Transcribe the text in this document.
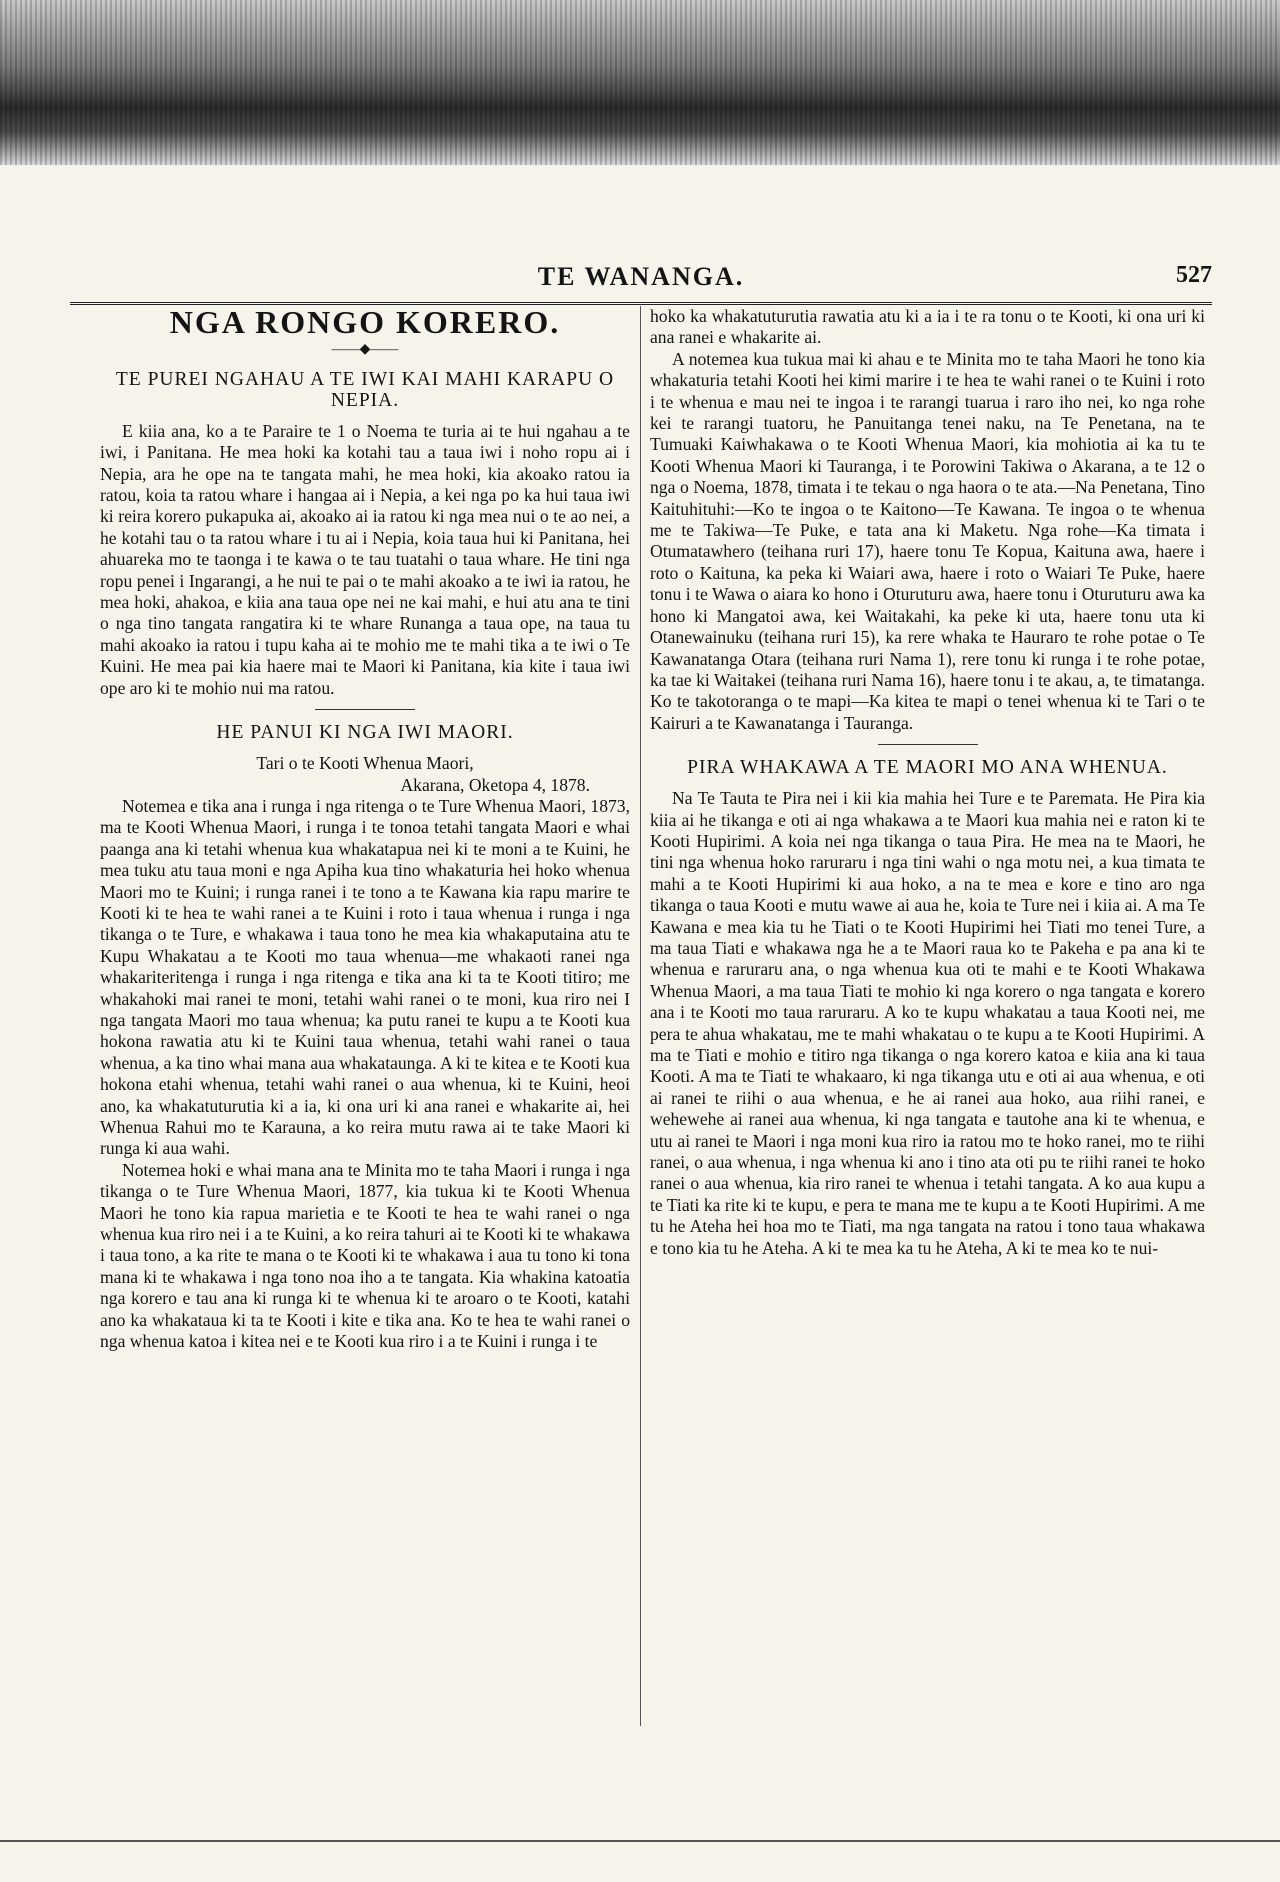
TE WANANGA.	527
NGA RONGO KORERO.
——◆——
TE PUREI NGAHAU A TE IWI KAI MAHI KARAPU O NEPIA.

E kiia ana, ko a te Paraire te 1 o Noema te turia ai te hui ngahau a te iwi, i Panitana. He mea hoki ka kotahi tau a taua iwi i noho ropu ai i Nepia, ara he ope na te tangata mahi, he mea hoki, kia akoako ratou ia ratou, koia ta ratou whare i hangaa ai i Nepia, a kei nga po ka hui taua iwi ki reira korero pukapuka ai, akoako ai ia ratou ki nga mea nui o te ao nei, a he kotahi tau o ta ratou whare i tu ai i Nepia, koia taua hui ki Panitana, hei ahuareka mo te taonga i te kawa o te tau tuatahi o taua whare. He tini nga ropu penei i Ingarangi, a he nui te pai o te mahi akoako a te iwi ia ratou, he mea hoki, ahakoa, e kiia ana taua ope nei ne kai mahi, e hui atu ana te tini o nga tino tangata rangatira ki te whare Runanga a taua ope, na taua tu mahi akoako ia ratou i tupu kaha ai te mohio me te mahi tika a te iwi o Te Kuini. He mea pai kia haere mai te Maori ki Panitana, kia kite i taua iwi ope aro ki te mohio nui ma ratou.

HE PANUI KI NGA IWI MAORI.
Tari o te Kooti Whenua Maori,
Akarana, Oketopa 4, 1878.

Notemea e tika ana i runga i nga ritenga o te Ture Whenua Maori, 1873, ma te Kooti Whenua Maori, i runga i te tonoa tetahi tangata Maori e whai paanga ana ki tetahi whenua kua whakatapua nei ki te moni a te Kuini, he mea tuku atu taua moni e nga Apiha kua tino whakaturia hei hoko whenua Maori mo te Kuini; i runga ranei i te tono a te Kawana kia rapu marire te Kooti ki te hea te wahi ranei a te Kuini i roto i taua whenua i runga i nga tikanga o te Ture, e whakawa i taua tono he mea kia whakaputaina atu te Kupu Whakatau a te Kooti mo taua whenua—me whakaoti ranei nga whakariteritenga i runga i nga ritenga e tika ana ki ta te Kooti titiro; me whakahoki mai ranei te moni, tetahi wahi ranei o te moni, kua riro nei I nga tangata Maori mo taua whenua; ka putu ranei te kupu a te Kooti kua hokona rawatia atu ki te Kuini taua whenua, tetahi wahi ranei o taua whenua, a ka tino whai mana aua whakataunga. A ki te kitea e te Kooti kua hokona etahi whenua, tetahi wahi ranei o aua whenua, ki te Kuini, heoi ano, ka whakatuturutia ki a ia, ki ona uri ki ana ranei e whakarite ai, hei Whenua Rahui mo te Karauna, a ko reira mutu rawa ai te take Maori ki runga ki aua wahi.

Notemea hoki e whai mana ana te Minita mo te taha Maori i runga i nga tikanga o te Ture Whenua Maori, 1877, kia tukua ki te Kooti Whenua Maori he tono kia rapua marietia e te Kooti te hea te wahi ranei o nga whenua kua riro nei i a te Kuini, a ko reira tahuri ai te Kooti ki te whakawa i taua tono, a ka rite te mana o te Kooti ki te whakawa i aua tu tono ki tona mana ki te whakawa i nga tono noa iho a te tangata. Kia whakina katoatia nga korero e tau ana ki runga ki te whenua ki te aroaro o te Kooti, katahi ano ka whakataua ki ta te Kooti i kite e tika ana. Ko te hea te wahi ranei o nga whenua katoa i kitea nei e te Kooti kua riro i a te Kuini i runga i te

hoko ka whakatuturutia rawatia atu ki a ia i te ra tonu o te Kooti, ki ona uri ki ana ranei e whakarite ai.

A notemea kua tukua mai ki ahau e te Minita mo te taha Maori he tono kia whakaturia tetahi Kooti hei kimi marire i te hea te wahi ranei o te Kuini i roto i te whenua e mau nei te ingoa i te rarangi tuarua i raro iho nei, ko nga rohe kei te rarangi tuatoru, he Panuitanga tenei naku, na Te Penetana, na te Tumuaki Kaiwhakawa o te Kooti Whenua Maori, kia mohiotia ai ka tu te Kooti Whenua Maori ki Tauranga, i te Porowini Takiwa o Akarana, a te 12 o nga o Noema, 1878, timata i te tekau o nga haora o te ata.—Na Penetana, Tino Kaituhituhi:—Ko te ingoa o te Kaitono—Te Kawana. Te ingoa o te whenua me te Takiwa—Te Puke, e tata ana ki Maketu. Nga rohe—Ka timata i Otumatawhero (teihana ruri 17), haere tonu Te Kopua, Kaituna awa, haere i roto o Kaituna, ka peka ki Waiari awa, haere i roto o Waiari Te Puke, haere tonu i te Wawa o aiara ko hono i Oturuturu awa, haere tonu i Oturuturu awa ka hono ki Mangatoi awa, kei Waitakahi, ka peke ki uta, haere tonu uta ki Otanewainuku (teihana ruri 15), ka rere whaka te Hauraro te rohe potae o Te Kawanatanga Otara (teihana ruri Nama 1), rere tonu ki runga i te rohe potae, ka tae ki Waitakei (teihana ruri Nama 16), haere tonu i te akau, a, te timatanga. Ko te takotoranga o te mapi—Ka kitea te mapi o tenei whenua ki te Tari o te Kairuri a te Kawanatanga i Tauranga.

PIRA WHAKAWA A TE MAORI MO ANA WHENUA.

Na Te Tauta te Pira nei i kii kia mahia hei Ture e te Paremata. He Pira kia kiia ai he tikanga e oti ai nga whakawa a te Maori kua mahia nei e raton ki te Kooti Hupirimi. A koia nei nga tikanga o taua Pira. He mea na te Maori, he tini nga whenua hoko raruraru i nga tini wahi o nga motu nei, a kua timata te mahi a te Kooti Hupirimi ki aua hoko, a na te mea e kore e tino aro nga tikanga o taua Kooti e mutu wawe ai aua he, koia te Ture nei i kiia ai. A ma Te Kawana e mea kia tu he Tiati o te Kooti Hupirimi hei Tiati mo tenei Ture, a ma taua Tiati e whakawa nga he a te Maori raua ko te Pakeha e pa ana ki te whenua e raruraru ana, o nga whenua kua oti te mahi e te Kooti Whakawa Whenua Maori, a ma taua Tiati te mohio ki nga korero o nga tangata e korero ana i te Kooti mo taua raruraru. A ko te kupu whakatau a taua Kooti nei, me pera te ahua whakatau, me te mahi whakatau o te kupu a te Kooti Hupirimi. A ma te Tiati e mohio e titiro nga tikanga o nga korero katoa e kiia ana ki taua Kooti. A ma te Tiati te whakaaro, ki nga tikanga utu e oti ai aua whenua, e oti ai ranei te riihi o aua whenua, e he ai ranei aua hoko, aua riihi ranei, e wehewehe ai ranei aua whenua, ki nga tangata e tautohe ana ki te whenua, e utu ai ranei te Maori i nga moni kua riro ia ratou mo te hoko ranei, mo te riihi ranei, o aua whenua, i nga whenua ki ano i tino ata oti pu te riihi ranei te hoko ranei o aua whenua, kia riro ranei te whenua i tetahi tangata. A ko aua kupu a te Tiati ka rite ki te kupu, e pera te mana me te kupu a te Kooti Hupirimi. A me tu he Ateha hei hoa mo te Tiati, ma nga tangata na ratou i tono taua whakawa e tono kia tu he Ateha. A ki te mea ka tu he Ateha, A ki te mea ko te nui-
